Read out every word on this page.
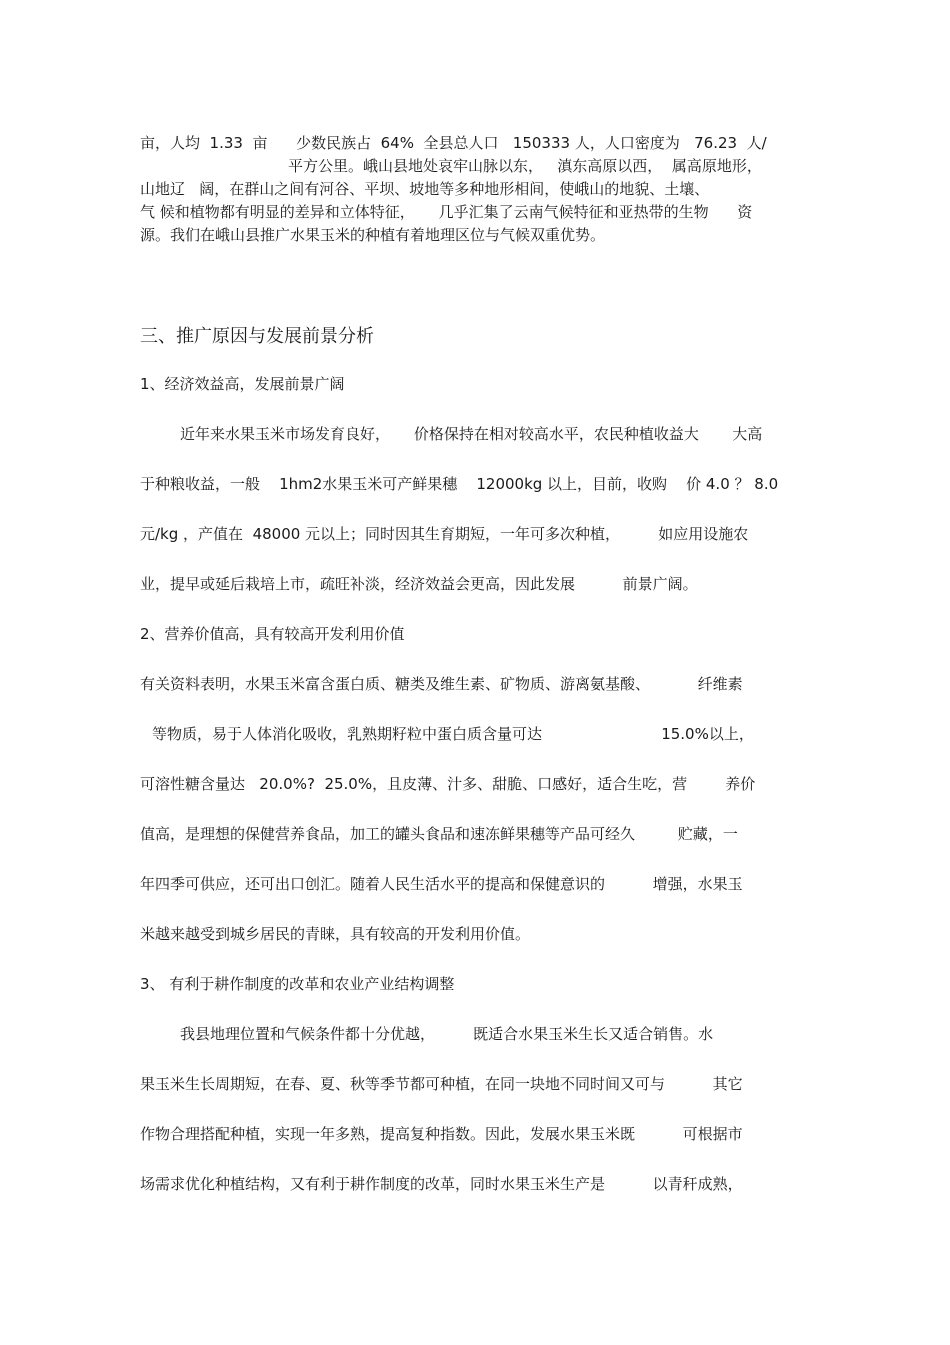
亩，人均  1.33  亩      少数民族占  64%  全县总人口   150333 人，人口密度为   76.23  人/
平方公里。峨山县地处哀牢山脉以东，   滇东高原以西，  属高原地形，
山地辽   阔，在群山之间有河谷、平坝、坡地等多种地形相间，使峨山的地貌、土壤、
气 候和植物都有明显的差异和立体特征，     几乎汇集了云南气候特征和亚热带的生物      资
源。我们在峨山县推广水果玉米的种植有着地理区位与气候双重优势。
三、推广原因与发展前景分析
1、经济效益高，发展前景广阔
近年来水果玉米市场发育良好，     价格保持在相对较高水平，农民种植收益大       大高
于种粮收益，一般    1hm2水果玉米可产鲜果穗    12000kg 以上，目前，收购    价 4.0 ？ 8.0
元/kg ，产值在  48000 元以上；同时因其生育期短，一年可多次种植，        如应用设施农
业，提早或延后栽培上市，疏旺补淡，经济效益会更高，因此发展          前景广阔。
2、营养价值高，具有较高开发利用价值
有关资料表明，水果玉米富含蛋白质、糖类及维生素、矿物质、游离氨基酸、          纤维素
等物质，易于人体消化吸收，乳熟期籽粒中蛋白质含量可达                         15.0%以上，
可溶性糖含量达   20.0%?  25.0%，且皮薄、汁多、甜脆、口感好，适合生吃，营        养价
值高，是理想的保健营养食品，加工的罐头食品和速冻鲜果穗等产品可经久         贮藏，一
年四季可供应，还可出口创汇。随着人民生活水平的提高和保健意识的          增强，水果玉
米越来越受到城乡居民的青睐，具有较高的开发利用价值。
3、 有利于耕作制度的改革和农业产业结构调整
我县地理位置和气候条件都十分优越，        既适合水果玉米生长又适合销售。水
果玉米生长周期短，在春、夏、秋等季节都可种植，在同一块地不同时间又可与          其它
作物合理搭配种植，实现一年多熟，提高复种指数。因此，发展水果玉米既          可根据市
场需求优化种植结构，又有利于耕作制度的改革，同时水果玉米生产是          以青秆成熟，
